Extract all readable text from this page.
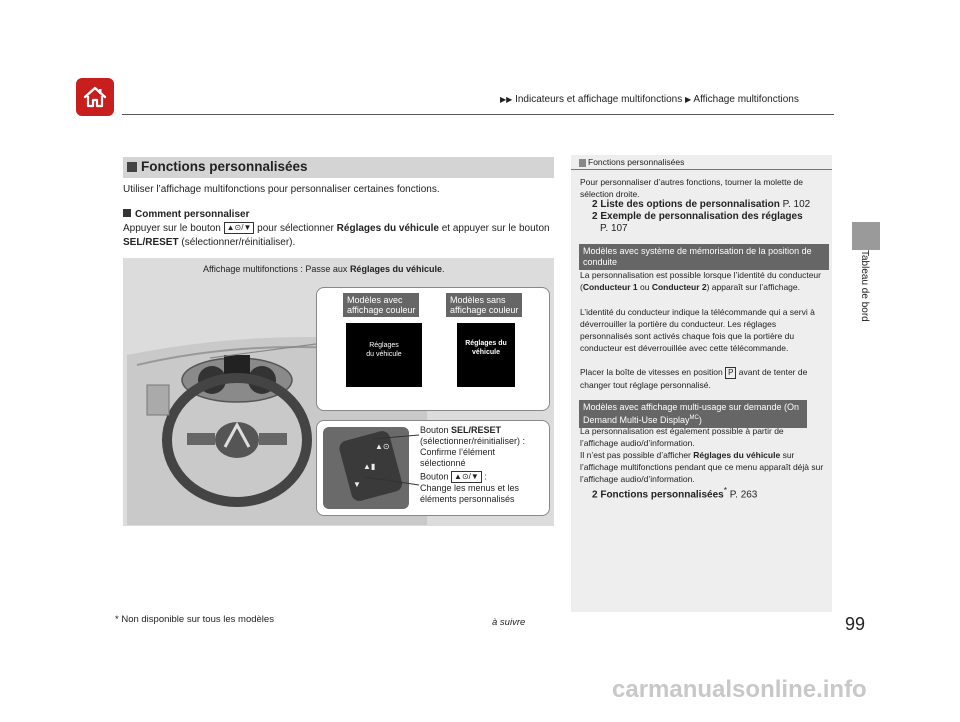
▶▶ Indicateurs et affichage multifonctions ▶ Affichage multifonctions
Tableau de bord
Fonctions personnalisées
Utiliser l’affichage multifonctions pour personnaliser certaines fonctions.
Comment personnaliser
Appuyer sur le bouton ▲⊙/▼ pour sélectionner Réglages du véhicule et appuyer sur le bouton SEL/RESET (sélectionner/réinitialiser).
Affichage multifonctions : Passe aux Réglages du véhicule.
Modèles avec
affichage couleur
Modèles sans
affichage couleur
Réglages
du véhicule
Réglages du
véhicule
▲⊙
▲▮
▼
Bouton SEL/RESET
(sélectionner/réinitialiser) :
Confirme l’élément
sélectionné
Bouton ▲⊙/▼ :
Change les menus et les
éléments personnalisés
Fonctions personnalisées
Pour personnaliser d’autres fonctions, tourner la molette de sélection droite.
2 Liste des options de personnalisation P. 102
2 Exemple de personnalisation des réglages
P. 107
Modèles avec système de mémorisation de la position de conduite
La personnalisation est possible lorsque l’identité du conducteur (Conducteur 1 ou Conducteur 2) apparaît sur l’affichage.
L’identité du conducteur indique la télécommande qui a servi à déverrouiller la portière du conducteur. Les réglages personnalisés sont activés chaque fois que la portière du conducteur est déverrouillée avec cette télécommande.
Placer la boîte de vitesses en position P avant de tenter de changer tout réglage personnalisé.
Modèles avec affichage multi-usage sur demande (On Demand Multi-Use Display$^{MC}$)
La personnalisation est également possible à partir de l’affichage audio/d’information.
Il n’est pas possible d’afficher Réglages du véhicule sur l’affichage multifonctions pendant que ce menu apparaît déjà sur l’affichage audio/d’information.
2 Fonctions personnalisées* P. 263
* Non disponible sur tous les modèles	à suivre	99
carmanualsonline.info
